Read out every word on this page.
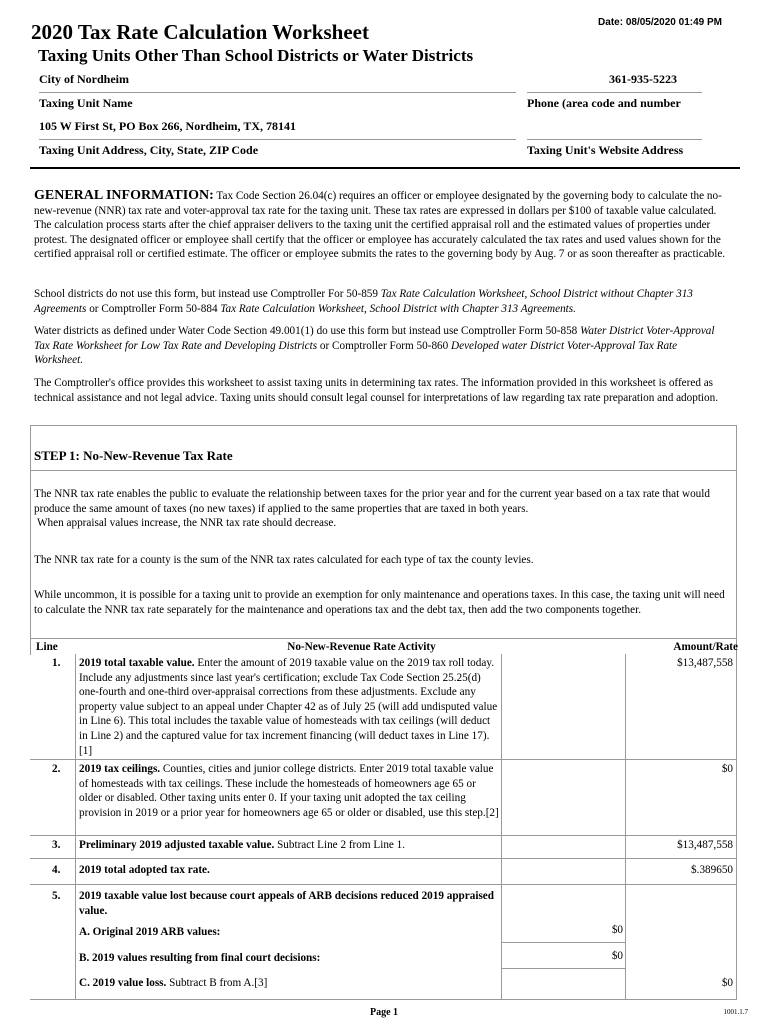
2020 Tax Rate Calculation Worksheet	Date: 08/05/2020 01:49 PM
Taxing Units Other Than School Districts or Water Districts
City of Nordheim
Taxing Unit Name
361-935-5223
Phone (area code and number
105 W First St, PO Box 266, Nordheim, TX, 78141
Taxing Unit Address, City, State, ZIP Code	Taxing Unit's Website Address
GENERAL INFORMATION: Tax Code Section 26.04(c) requires an officer or employee designated by the governing body to calculate the no-new-revenue (NNR) tax rate and voter-approval tax rate for the taxing unit. These tax rates are expressed in dollars per $100 of taxable value calculated. The calculation process starts after the chief appraiser delivers to the taxing unit the certified appraisal roll and the estimated values of properties under protest. The designated officer or employee shall certify that the officer or employee has accurately calculated the tax rates and used values shown for the certified appraisal roll or certified estimate. The officer or employee submits the rates to the governing body by Aug. 7 or as soon thereafter as practicable.
School districts do not use this form, but instead use Comptroller For 50-859 Tax Rate Calculation Worksheet, School District without Chapter 313 Agreements or Comptroller Form 50-884 Tax Rate Calculation Worksheet, School District with Chapter 313 Agreements.
Water districts as defined under Water Code Section 49.001(1) do use this form but instead use Comptroller Form 50-858 Water District Voter-Approval Tax Rate Worksheet for Low Tax Rate and Developing Districts or Comptroller Form 50-860 Developed water District Voter-Approval Tax Rate Worksheet.
The Comptroller's office provides this worksheet to assist taxing units in determining tax rates. The information provided in this worksheet is offered as technical assistance and not legal advice. Taxing units should consult legal counsel for interpretations of law regarding tax rate preparation and adoption.
STEP 1: No-New-Revenue Tax Rate
The NNR tax rate enables the public to evaluate the relationship between taxes for the prior year and for the current year based on a tax rate that would produce the same amount of taxes (no new taxes) if applied to the same properties that are taxed in both years.
When appraisal values increase, the NNR tax rate should decrease.
The NNR tax rate for a county is the sum of the NNR tax rates calculated for each type of tax the county levies.
While uncommon, it is possible for a taxing unit to provide an exemption for only maintenance and operations taxes. In this case, the taxing unit will need to calculate the NNR tax rate separately for the maintenance and operations tax and the debt tax, then add the two components together.
Line	No-New-Revenue Rate Activity	Amount/Rate
1. 2019 total taxable value. Enter the amount of 2019 taxable value on the 2019 tax roll today. Include any adjustments since last year's certification; exclude Tax Code Section 25.25(d) one-fourth and one-third over-appraisal corrections from these adjustments. Exclude any property value subject to an appeal under Chapter 42 as of July 25 (will add undisputed value in Line 6). This total includes the taxable value of homesteads with tax ceilings (will deduct in Line 2) and the captured value for tax increment financing (will deduct taxes in Line 17).[1]
$13,487,558
2. 2019 tax ceilings. Counties, cities and junior college districts. Enter 2019 total taxable value of homesteads with tax ceilings. These include the homesteads of homeowners age 65 or older or disabled. Other taxing units enter 0. If your taxing unit adopted the tax ceiling provision in 2019 or a prior year for homeowners age 65 or older or disabled, use this step.[2]
$0
3. Preliminary 2019 adjusted taxable value. Subtract Line 2 from Line 1.	$13,487,558
4. 2019 total adopted tax rate.	$.389650
5. 2019 taxable value lost because court appeals of ARB decisions reduced 2019 appraised value.
A. Original 2019 ARB values:	$0
B. 2019 values resulting from final court decisions:	$0
C. 2019 value loss. Subtract B from A.[3]	$0
Page 1	1001.1.7
